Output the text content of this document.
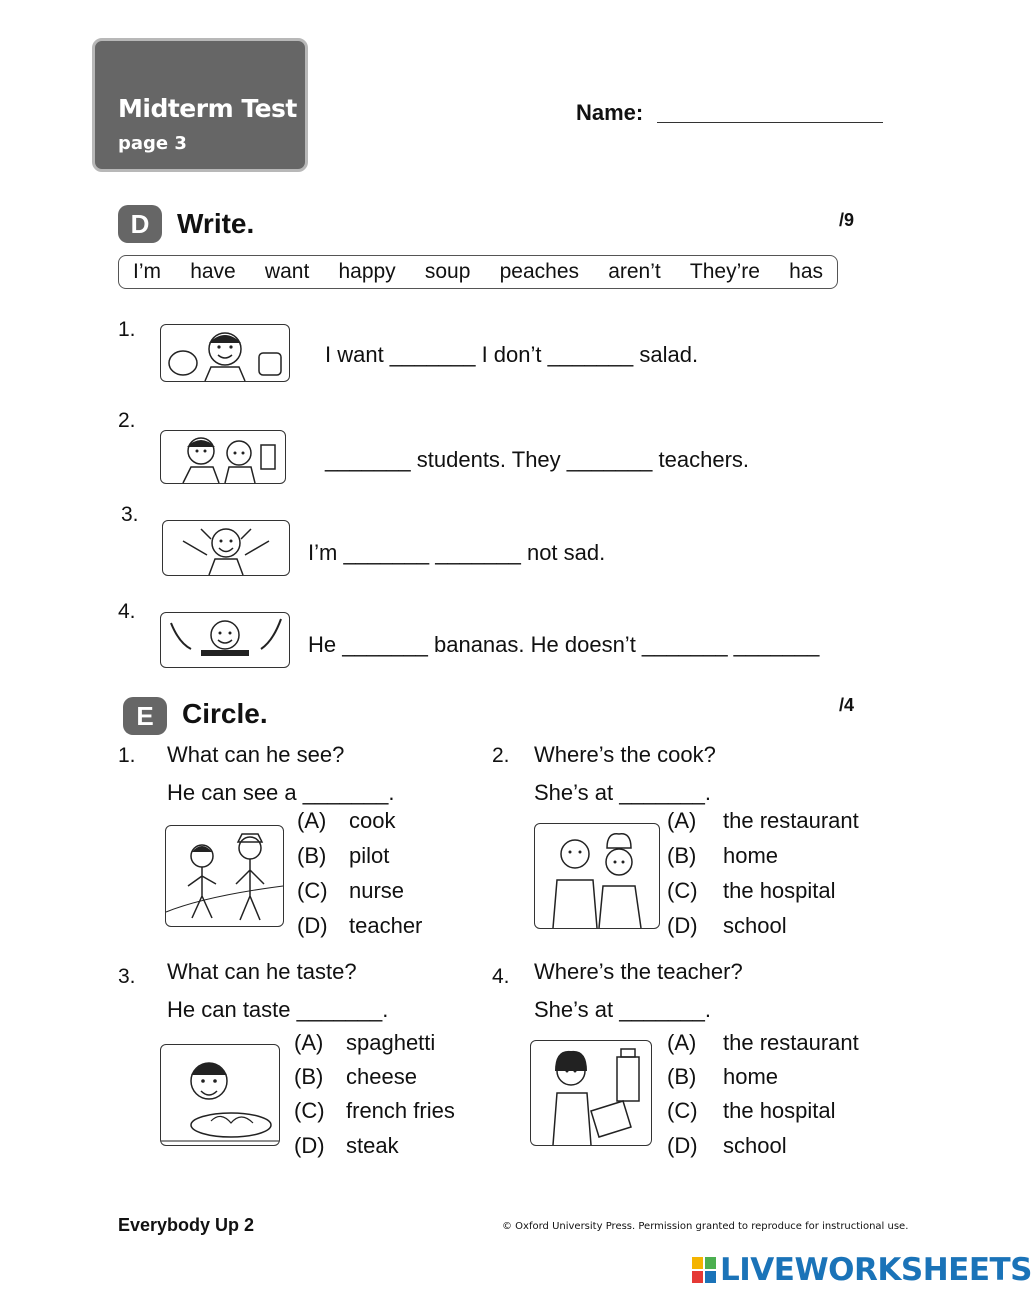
Midterm Test
page 3
Name:
D Write.	/9
I’m have want happy soup peaches aren’t They’re has
1.
I want _______ I don’t _______ salad.
2.
_______ students. They _______ teachers.
3.
I’m _______ _______ not sad.
4.
He _______ bananas. He doesn’t _______ _______
E	Circle.	/4
1. What can he see?
He can see a _______.
(A) cook
(B) pilot
(C) nurse
(D) teacher
2. Where’s the cook?
She’s at _______.
(A) the restaurant
(B) home
(C) the hospital
(D) school
3. What can he taste?
He can taste _______.
(A) spaghetti
(B) cheese
(C) french fries
(D) steak
4. Where’s the teacher?
She’s at _______.
(A) the restaurant
(B) home
(C) the hospital
(D) school
Everybody Up 2	© Oxford University Press. Permission granted to reproduce for instructional use.
LIVEWORKSHEETS
